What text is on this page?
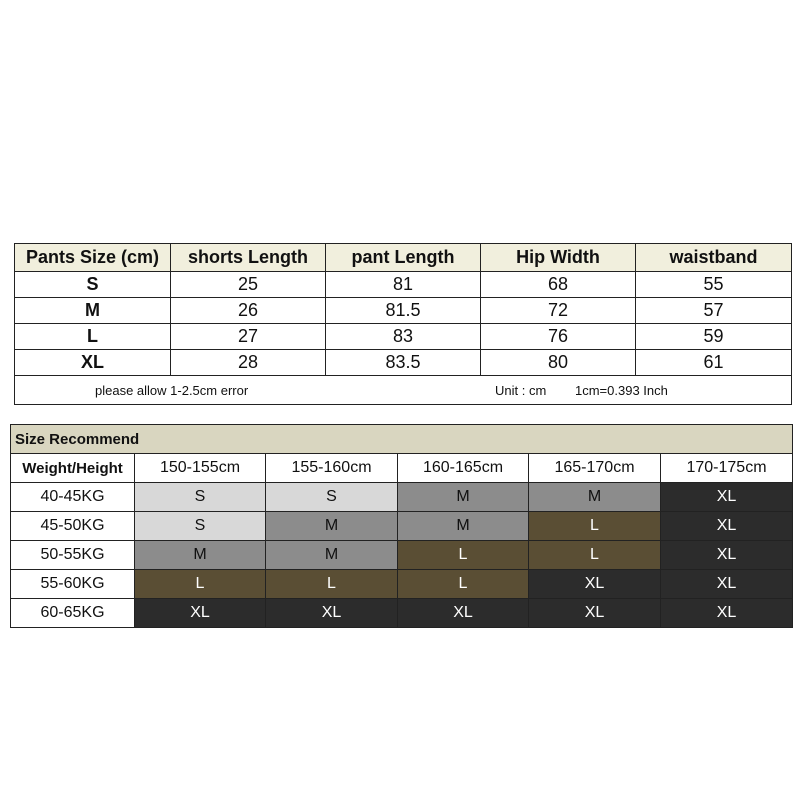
Pants Size (cm)	shorts Length	pant Length	Hip Width	waistband
S	25	81	68	55
M	26	81.5	72	57
L	27	83	76	59
XL	28	83.5	80	61

please allow 1-2.5cm error Unit : cm 1cm=0.393 Inch				
Size Recommend					
Weight/Height	150-155cm	155-160cm	160-165cm	165-170cm	170-175cm
40-45KG	S	S	M	M	XL
45-50KG	S	M	M	L	XL
50-55KG	M	M	L	L	XL
55-60KG	L	L	L	XL	XL
60-65KG	XL	XL	XL	XL	XL
